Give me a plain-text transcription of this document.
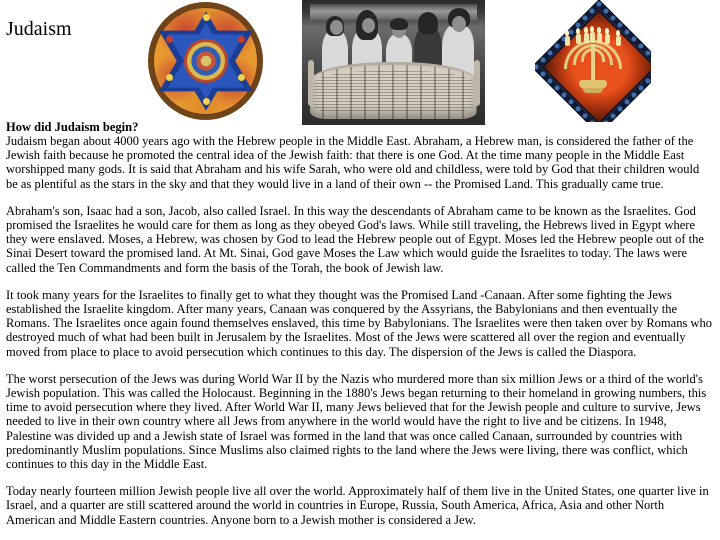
Judaism

How did Judaism begin?

Judaism began about 4000 years ago with the Hebrew people in the Middle East. Abraham, a Hebrew man, is considered the father of the Jewish faith because he promoted the central idea of the Jewish faith: that there is one God. At the time many people in the Middle East worshipped many gods. It is said that Abraham and his wife Sarah, who were old and childless, were told by God that their children would be as plentiful as the stars in the sky and that they would live in a land of their own -- the Promised Land. This gradually came true.

Abraham's son, Isaac had a son, Jacob, also called Israel. In this way the descendants of Abraham came to be known as the Israelites. God promised the Israelites he would care for them as long as they obeyed God's laws. While still traveling, the Hebrews lived in Egypt where they were enslaved. Moses, a Hebrew, was chosen by God to lead the Hebrew people out of Egypt. Moses led the Hebrew people out of the Sinai Desert toward the promised land. At Mt. Sinai, God gave Moses the Law which would guide the Israelites to today. The laws were called the Ten Commandments and form the basis of the Torah, the book of Jewish law.

It took many years for the Israelites to finally get to what they thought was the Promised Land -Canaan. After some fighting the Jews established the Israelite kingdom. After many years, Canaan was conquered by the Assyrians, the Babylonians and then eventually the Romans. The Israelites once again found themselves enslaved, this time by Babylonians. The Israelites were then taken over by Romans who destroyed much of what had been built in Jerusalem by the Israelites. Most of the Jews were scattered all over the region and eventually moved from place to place to avoid persecution which continues to this day. The dispersion of the Jews is called the Diaspora.

The worst persecution of the Jews was during World War II by the Nazis who murdered more than six million Jews or a third of the world's Jewish population. This was called the Holocaust. Beginning in the 1880's Jews began returning to their homeland in growing numbers, this time to avoid persecution where they lived. After World War II, many Jews believed that for the Jewish people and culture to survive, Jews needed to live in their own country where all Jews from anywhere in the world would have the right to live and be citizens. In 1948, Palestine was divided up and a Jewish state of Israel was formed in the land that was once called Canaan, surrounded by countries with predominantly Muslim populations. Since Muslims also claimed rights to the land where the Jews were living, there was conflict, which continues to this day in the Middle East.

Today nearly fourteen million Jewish people live all over the world. Approximately half of them live in the United States, one quarter live in Israel, and a quarter are still scattered around the world in countries in Europe, Russia, South America, Africa, Asia and other North American and Middle Eastern countries. Anyone born to a Jewish mother is considered a Jew.
